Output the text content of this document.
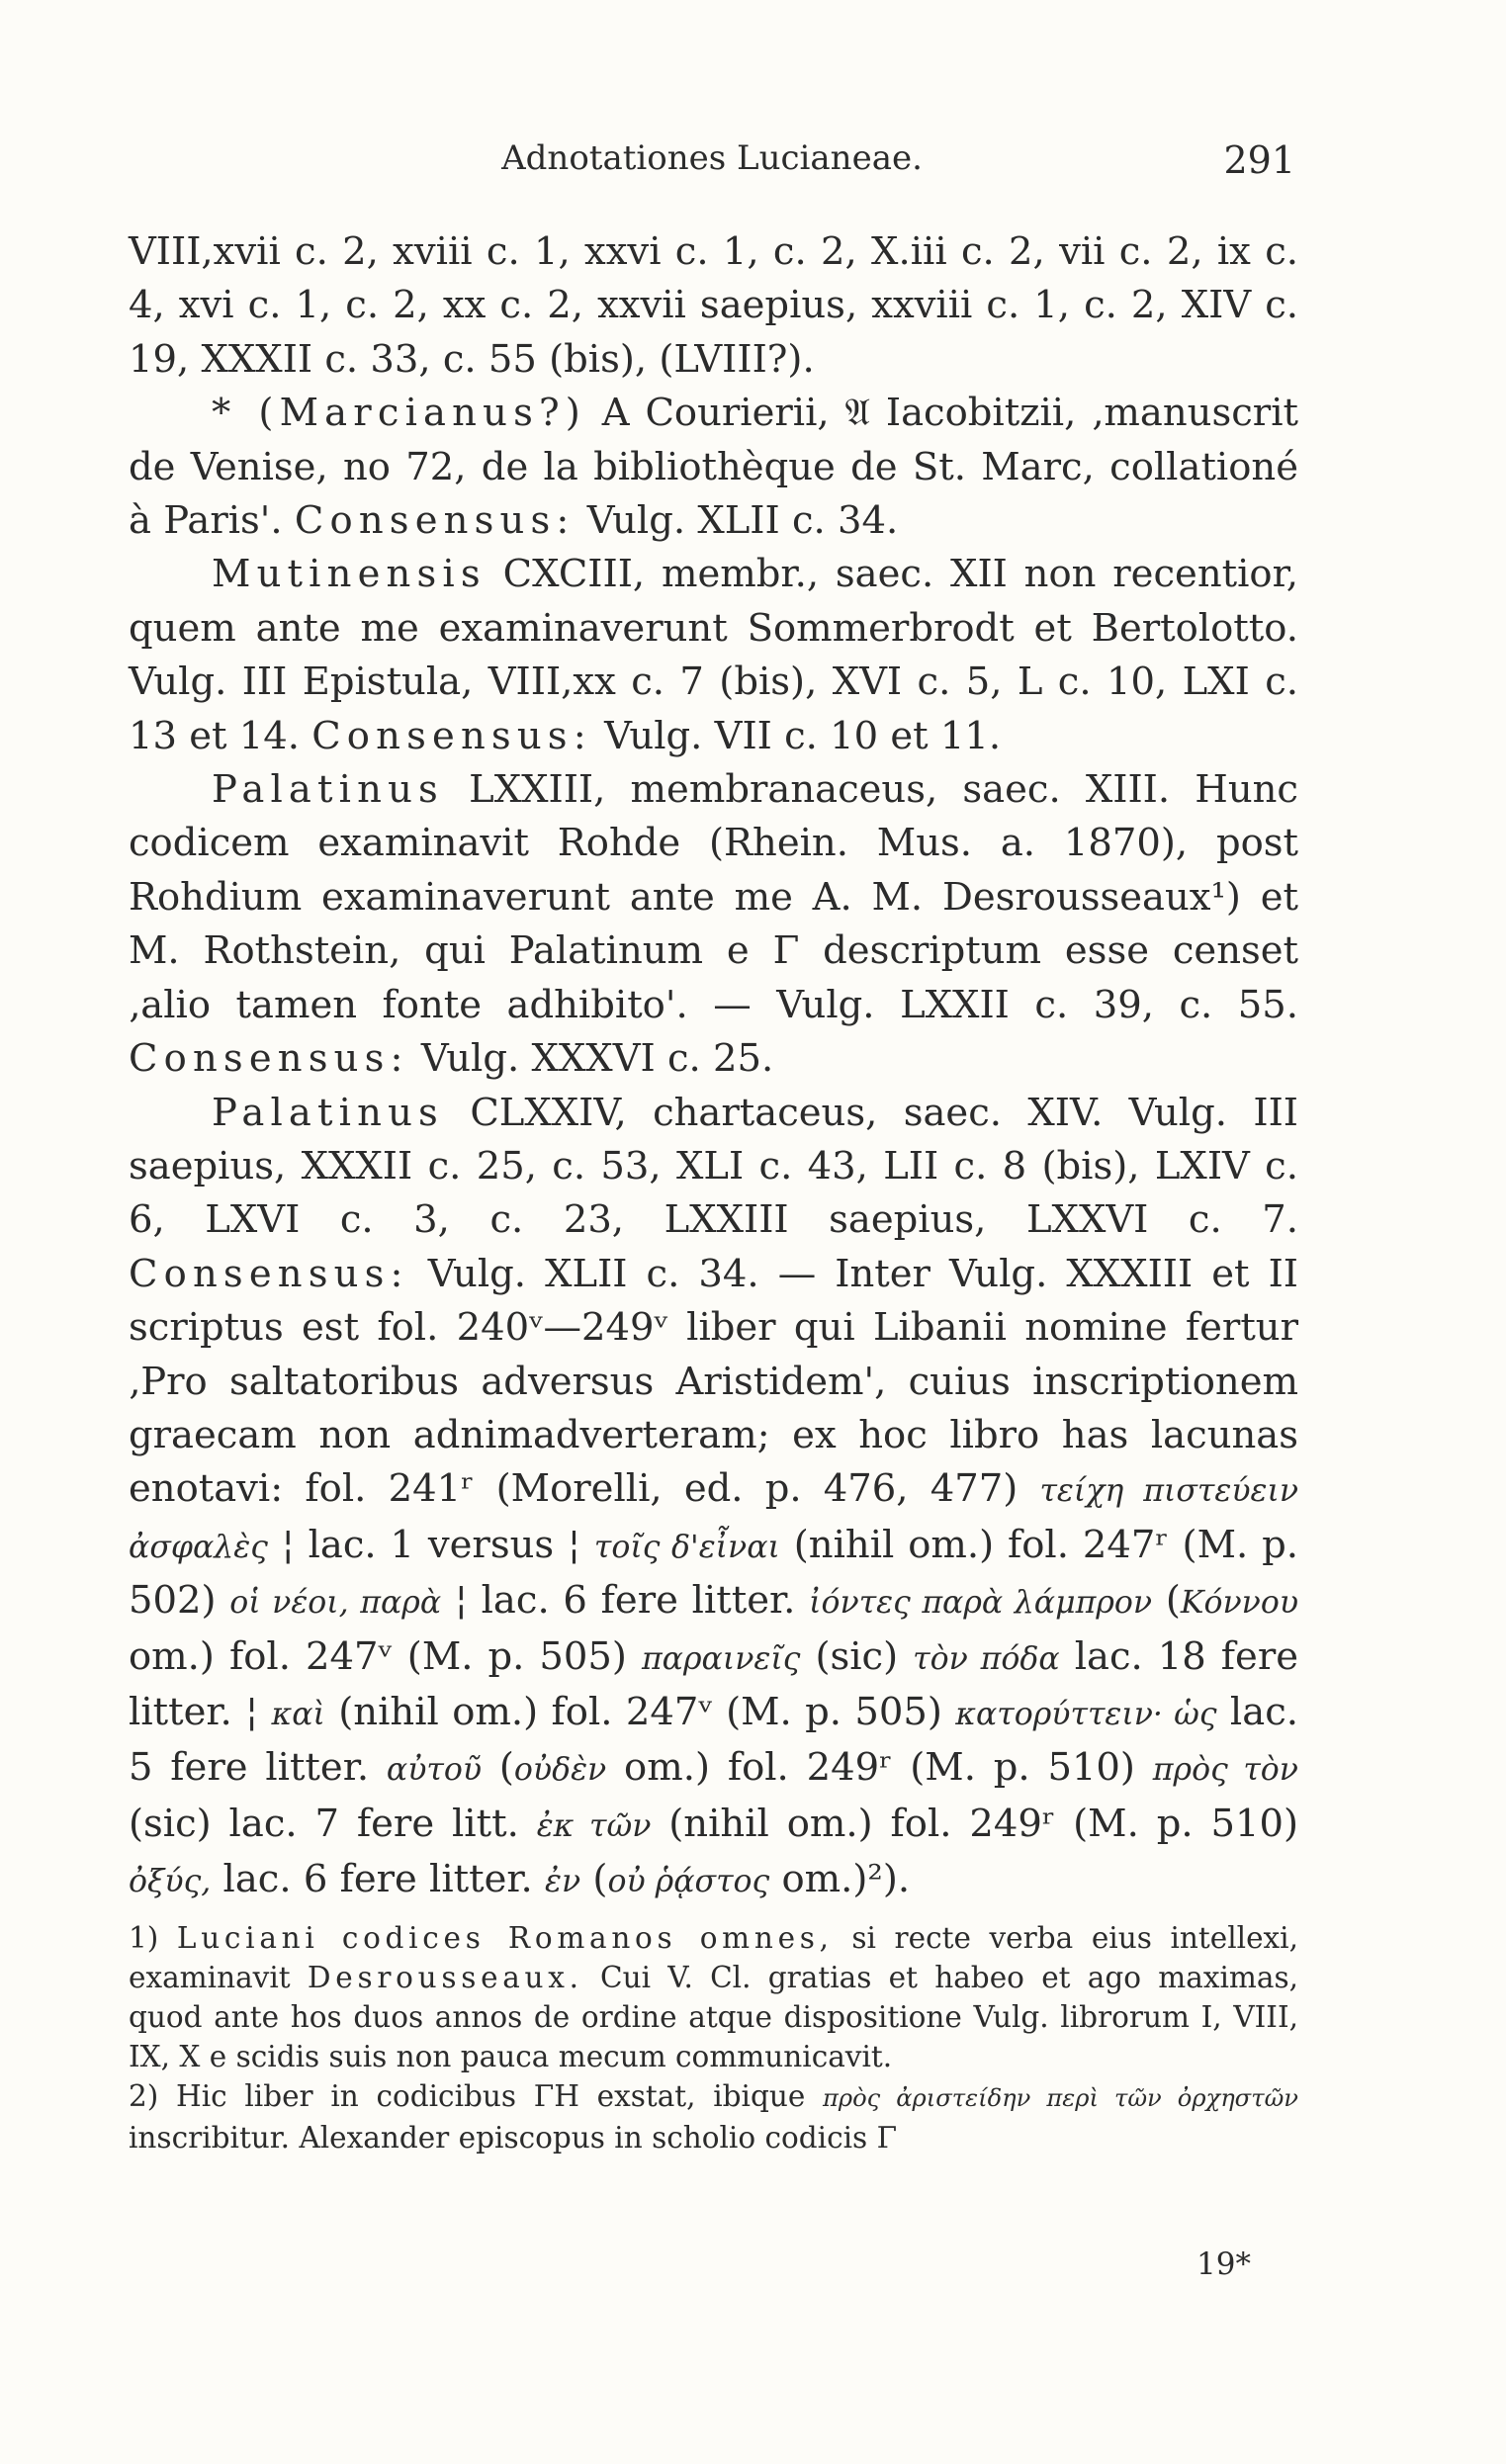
Adnotationes Lucianeae.	291

VIII,xvii c. 2, xviii c. 1, xxvi c. 1, c. 2, X.iii c. 2, vii c. 2, ix c. 4, xvi c. 1, c. 2, xx c. 2, xxvii saepius, xxviii c. 1, c. 2, XIV c. 19, XXXII c. 33, c. 55 (bis), (LVIII?).

* (Marcianus?) A Courierii, 𝔄 Iacobitzii, ‚manuscrit de Venise, no 72, de la bibliothèque de St. Marc, collationé à Paris'. Consensus: Vulg. XLII c. 34.

Mutinensis CXCIII, membr., saec. XII non recentior, quem ante me examinaverunt Sommerbrodt et Bertolotto. Vulg. III Epistula, VIII,xx c. 7 (bis), XVI c. 5, L c. 10, LXI c. 13 et 14. Consensus: Vulg. VII c. 10 et 11.

Palatinus LXXIII, membranaceus, saec. XIII. Hunc codicem examinavit Rohde (Rhein. Mus. a. 1870), post Rohdium examinaverunt ante me A. M. Desrousseaux¹) et M. Rothstein, qui Palatinum e Γ descriptum esse censet ‚alio tamen fonte adhibito'. — Vulg. LXXII c. 39, c. 55. Consensus: Vulg. XXXVI c. 25.

Palatinus CLXXIV, chartaceus, saec. XIV. Vulg. III saepius, XXXII c. 25, c. 53, XLI c. 43, LII c. 8 (bis), LXIV c. 6, LXVI c. 3, c. 23, LXXIII saepius, LXXVI c. 7. Consensus: Vulg. XLII c. 34. — Inter Vulg. XXXIII et II scriptus est fol. 240ᵛ—249ᵛ liber qui Libanii nomine fertur ‚Pro saltatoribus adversus Aristidem', cuius inscriptionem graecam non adnimadverteram; ex hoc libro has lacunas enotavi: fol. 241ʳ (Morelli, ed. p. 476, 477) τείχη πιστεύειν ἀσφαλὲς ¦ lac. 1 versus ¦ τοῖς δ'εἶναι (nihil om.) fol. 247ʳ (M. p. 502) οἱ νέοι, παρὰ ¦ lac. 6 fere litter. ἰόντες παρὰ λάμπρον (Κόννου om.) fol. 247ᵛ (M. p. 505) παραινεῖς (sic) τὸν πόδα lac. 18 fere litter. ¦ καὶ (nihil om.) fol. 247ᵛ (M. p. 505) κατορύττειν· ὡς lac. 5 fere litter. αὐτοῦ (οὐδὲν om.) fol. 249ʳ (M. p. 510) πρὸς τὸν (sic) lac. 7 fere litt. ἐκ τῶν (nihil om.) fol. 249ʳ (M. p. 510) ὀξύς, lac. 6 fere litter. ἐν (οὐ ῥᾴστος om.)²).

1) Luciani codices Romanos omnes, si recte verba eius intellexi, examinavit Desrousseaux. Cui V. Cl. gratias et habeo et ago maximas, quod ante hos duos annos de ordine atque dispositione Vulg. librorum I, VIII, IX, X e scidis suis non pauca mecum communicavit.

2) Hic liber in codicibus ΓH exstat, ibique πρὸς ἀριστείδην περὶ τῶν ὀρχηστῶν inscribitur. Alexander episcopus in scholio codicis Γ

19*
